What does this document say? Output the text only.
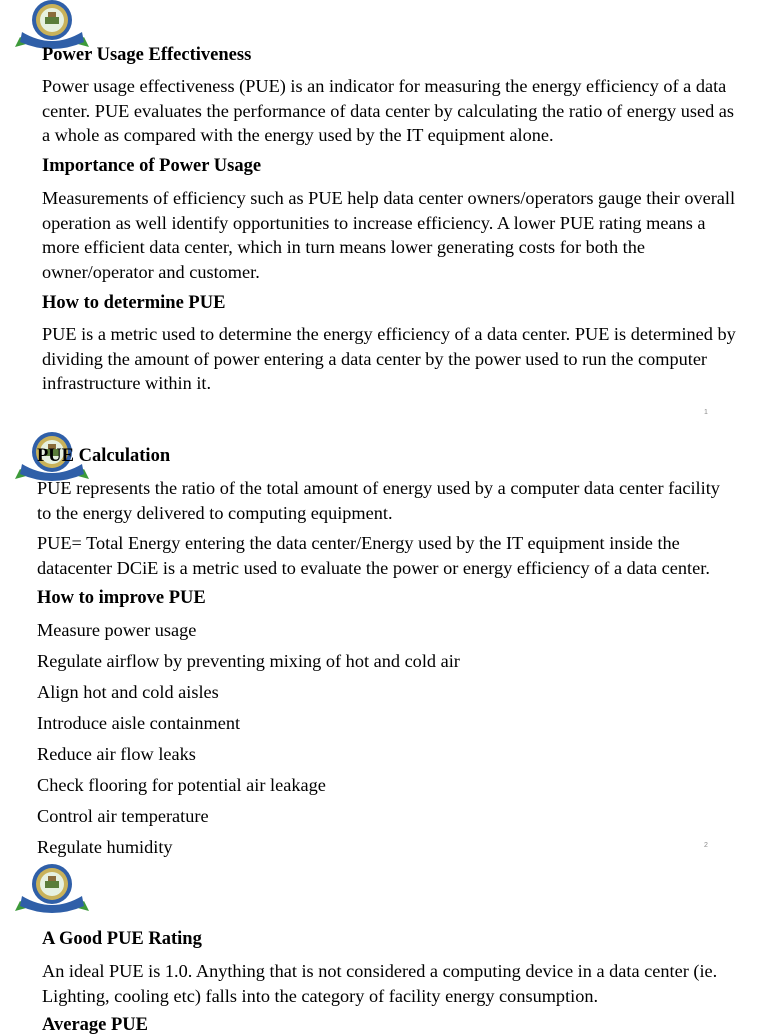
Power Usage Effectiveness

Power usage effectiveness (PUE) is an indicator for measuring the energy efficiency of a data center. PUE evaluates the performance of data center by calculating the ratio of energy used as a whole as compared with the energy used by the IT equipment alone.

Importance of Power Usage

Measurements of efficiency such as PUE help data center owners/operators gauge their overall operation as well identify opportunities to increase efficiency. A lower PUE rating means a more efficient data center, which in turn means lower generating costs for both the owner/operator and customer.

How to determine PUE

PUE is a metric used to determine the energy efficiency of a data center. PUE is determined by dividing the amount of power entering a data center by the power used to run the computer infrastructure within it.

1
PUE Calculation

PUE represents the ratio of the total amount of energy used by a computer data center facility to the energy delivered to computing equipment.

PUE= Total Energy entering the data center/Energy used by the IT equipment inside the datacenter DCiE is a metric used to evaluate the power or energy efficiency of a data center.

How to improve PUE

Measure power usage

Regulate airflow by preventing mixing of hot and cold air

Align hot and cold aisles

Introduce aisle containment

Reduce air flow leaks

Check flooring for potential air leakage

Control air temperature

Regulate humidity	2
A Good PUE Rating

An ideal PUE is 1.0. Anything that is not considered a computing device in a data center (ie. Lighting, cooling etc) falls into the category of facility energy consumption.

Average PUE
